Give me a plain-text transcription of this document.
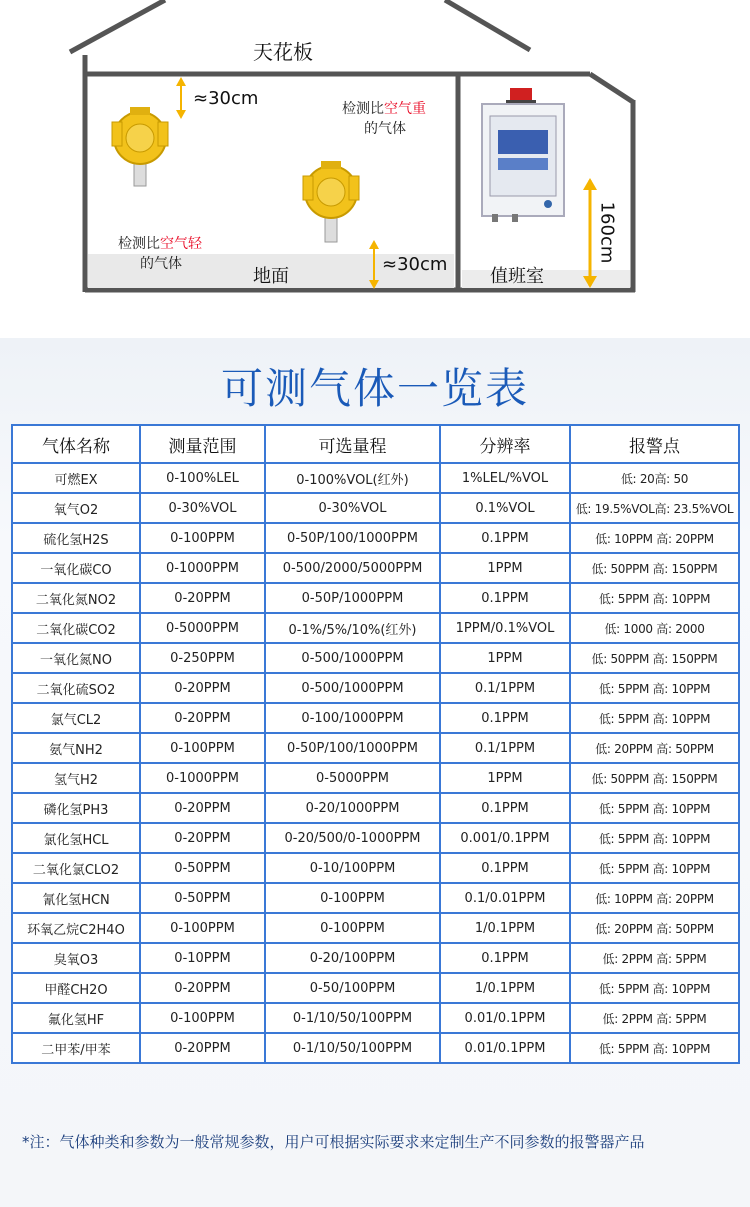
天花板
≈30cm	检测比空气重
的气体
检测比空气轻
的气体
地面
≈30cm
值班室
160cm
可测气体一览表
气体名称	测量范围	可选量程	分辨率	报警点
可燃EX	0-100%LEL	0-100%VOL(红外)	1%LEL/%VOL	低: 20高: 50
氧气O2	0-30%VOL	0-30%VOL	0.1%VOL	低: 19.5%VOL高: 23.5%VOL
硫化氢H2S	0-100PPM	0-50P/100/1000PPM	0.1PPM	低: 10PPM 高: 20PPM
一氧化碳CO	0-1000PPM	0-500/2000/5000PPM	1PPM	低: 50PPM 高: 150PPM
二氧化氮NO2	0-20PPM	0-50P/1000PPM	0.1PPM	低: 5PPM 高: 10PPM
二氧化碳CO2	0-5000PPM	0-1%/5%/10%(红外)	1PPM/0.1%VOL	低: 1000 高: 2000
一氧化氮NO	0-250PPM	0-500/1000PPM	1PPM	低: 50PPM 高: 150PPM
二氧化硫SO2	0-20PPM	0-500/1000PPM	0.1/1PPM	低: 5PPM 高: 10PPM
氯气CL2	0-20PPM	0-100/1000PPM	0.1PPM	低: 5PPM 高: 10PPM
氨气NH2	0-100PPM	0-50P/100/1000PPM	0.1/1PPM	低: 20PPM 高: 50PPM
氢气H2	0-1000PPM	0-5000PPM	1PPM	低: 50PPM 高: 150PPM
磷化氢PH3	0-20PPM	0-20/1000PPM	0.1PPM	低: 5PPM 高: 10PPM
氯化氢HCL	0-20PPM	0-20/500/0-1000PPM	0.001/0.1PPM	低: 5PPM 高: 10PPM
二氧化氯CLO2	0-50PPM	0-10/100PPM	0.1PPM	低: 5PPM 高: 10PPM
氰化氢HCN	0-50PPM	0-100PPM	0.1/0.01PPM	低: 10PPM 高: 20PPM
环氧乙烷C2H4O	0-100PPM	0-100PPM	1/0.1PPM	低: 20PPM 高: 50PPM
臭氧O3	0-10PPM	0-20/100PPM	0.1PPM	低: 2PPM 高: 5PPM
甲醛CH2O	0-20PPM	0-50/100PPM	1/0.1PPM	低: 5PPM 高: 10PPM
氟化氢HF	0-100PPM	0-1/10/50/100PPM	0.01/0.1PPM	低: 2PPM 高: 5PPM
二甲苯/甲苯	0-20PPM	0-1/10/50/100PPM	0.01/0.1PPM	低: 5PPM 高: 10PPM
*注：气体种类和参数为一般常规参数，用户可根据实际要求来定制生产不同参数的报警器产品
